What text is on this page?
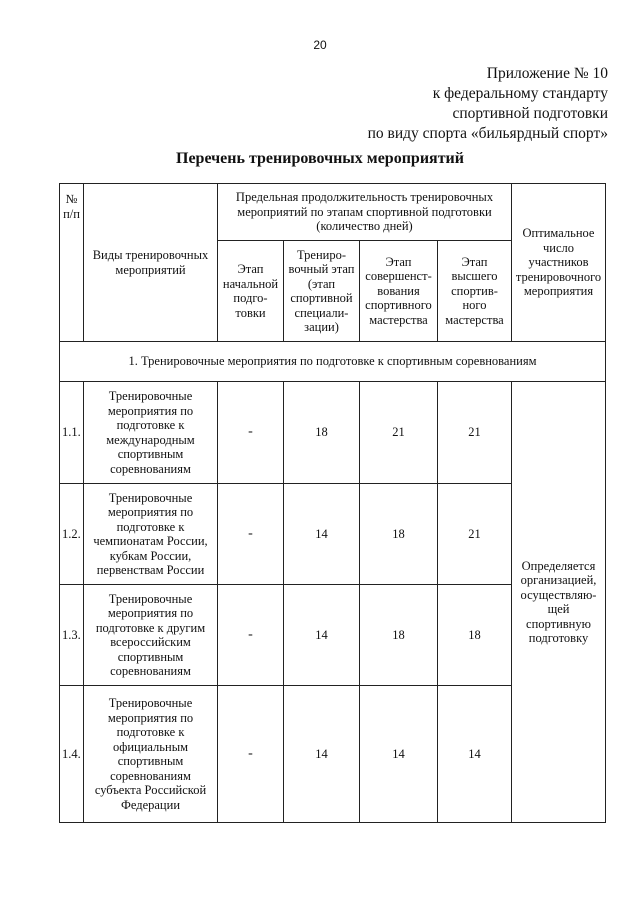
20
Приложение № 10
к федеральному стандарту
спортивной подготовки
по виду спорта «бильярдный спорт»
Перечень тренировочных мероприятий
№ п/п	Виды тренировочных мероприятий	Предельная продолжительность тренировочных мероприятий по этапам спортивной подготовки (количество дней)				Оптимальное число участников тренировочного мероприятия
		Этап начальной подго-товки	Трениро-вочный этап (этап спортивной специали-зации)	Этап совершенст-вования спортивного мастерства	Этап высшего спортив-ного мастерства	
1. Тренировочные мероприятия по подготовке к спортивным соревнованиям						
1.1.	Тренировочные мероприятия по подготовке к международным спортивным соревнованиям	-	18	21	21	Определяется организацией, осуществляю-щей спортивную подготовку
1.2.	Тренировочные мероприятия по подготовке к чемпионатам России, кубкам России, первенствам России	-	14	18	21	
1.3.	Тренировочные мероприятия по подготовке к другим всероссийским спортивным соревнованиям	-	14	18	18	
1.4.	Тренировочные мероприятия по подготовке к официальным спортивным соревнованиям субъекта Российской Федерации	-	14	14	14	
